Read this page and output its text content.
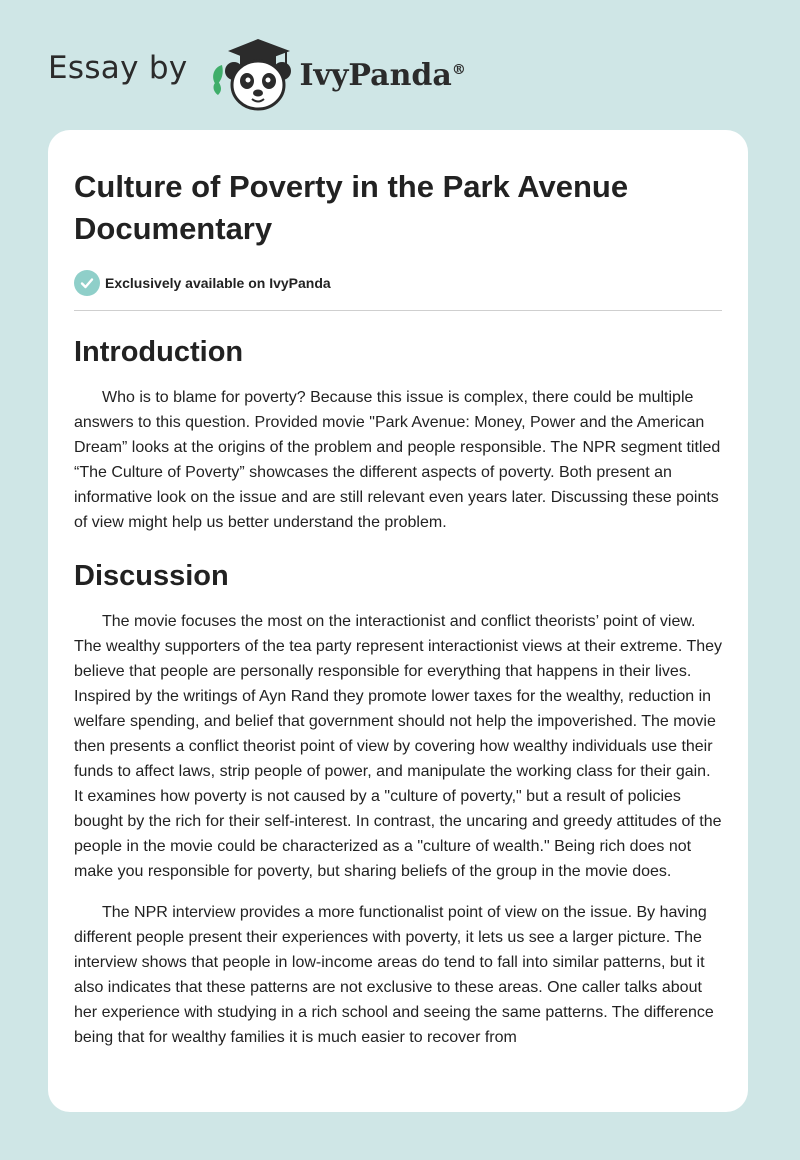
Essay by	IvyPanda®
Culture of Poverty in the Park Avenue Documentary
Exclusively available on IvyPanda
Introduction

Who is to blame for poverty? Because this issue is complex, there could be multiple answers to this question. Provided movie "Park Avenue: Money, Power and the American Dream” looks at the origins of the problem and people responsible. The NPR segment titled “The Culture of Poverty” showcases the different aspects of poverty. Both present an informative look on the issue and are still relevant even years later. Discussing these points of view might help us better understand the problem.

Discussion

The movie focuses the most on the interactionist and conflict theorists’ point of view. The wealthy supporters of the tea party represent interactionist views at their extreme. They believe that people are personally responsible for everything that happens in their lives. Inspired by the writings of Ayn Rand they promote lower taxes for the wealthy, reduction in welfare spending, and belief that government should not help the impoverished. The movie then presents a conflict theorist point of view by covering how wealthy individuals use their funds to affect laws, strip people of power, and manipulate the working class for their gain. It examines how poverty is not caused by a "culture of poverty," but a result of policies bought by the rich for their self-interest. In contrast, the uncaring and greedy attitudes of the people in the movie could be characterized as a "culture of wealth." Being rich does not make you responsible for poverty, but sharing beliefs of the group in the movie does.

The NPR interview provides a more functionalist point of view on the issue. By having different people present their experiences with poverty, it lets us see a larger picture. The interview shows that people in low-income areas do tend to fall into similar patterns, but it also indicates that these patterns are not exclusive to these areas. One caller talks about her experience with studying in a rich school and seeing the same patterns. The difference being that for wealthy families it is much easier to recover from
